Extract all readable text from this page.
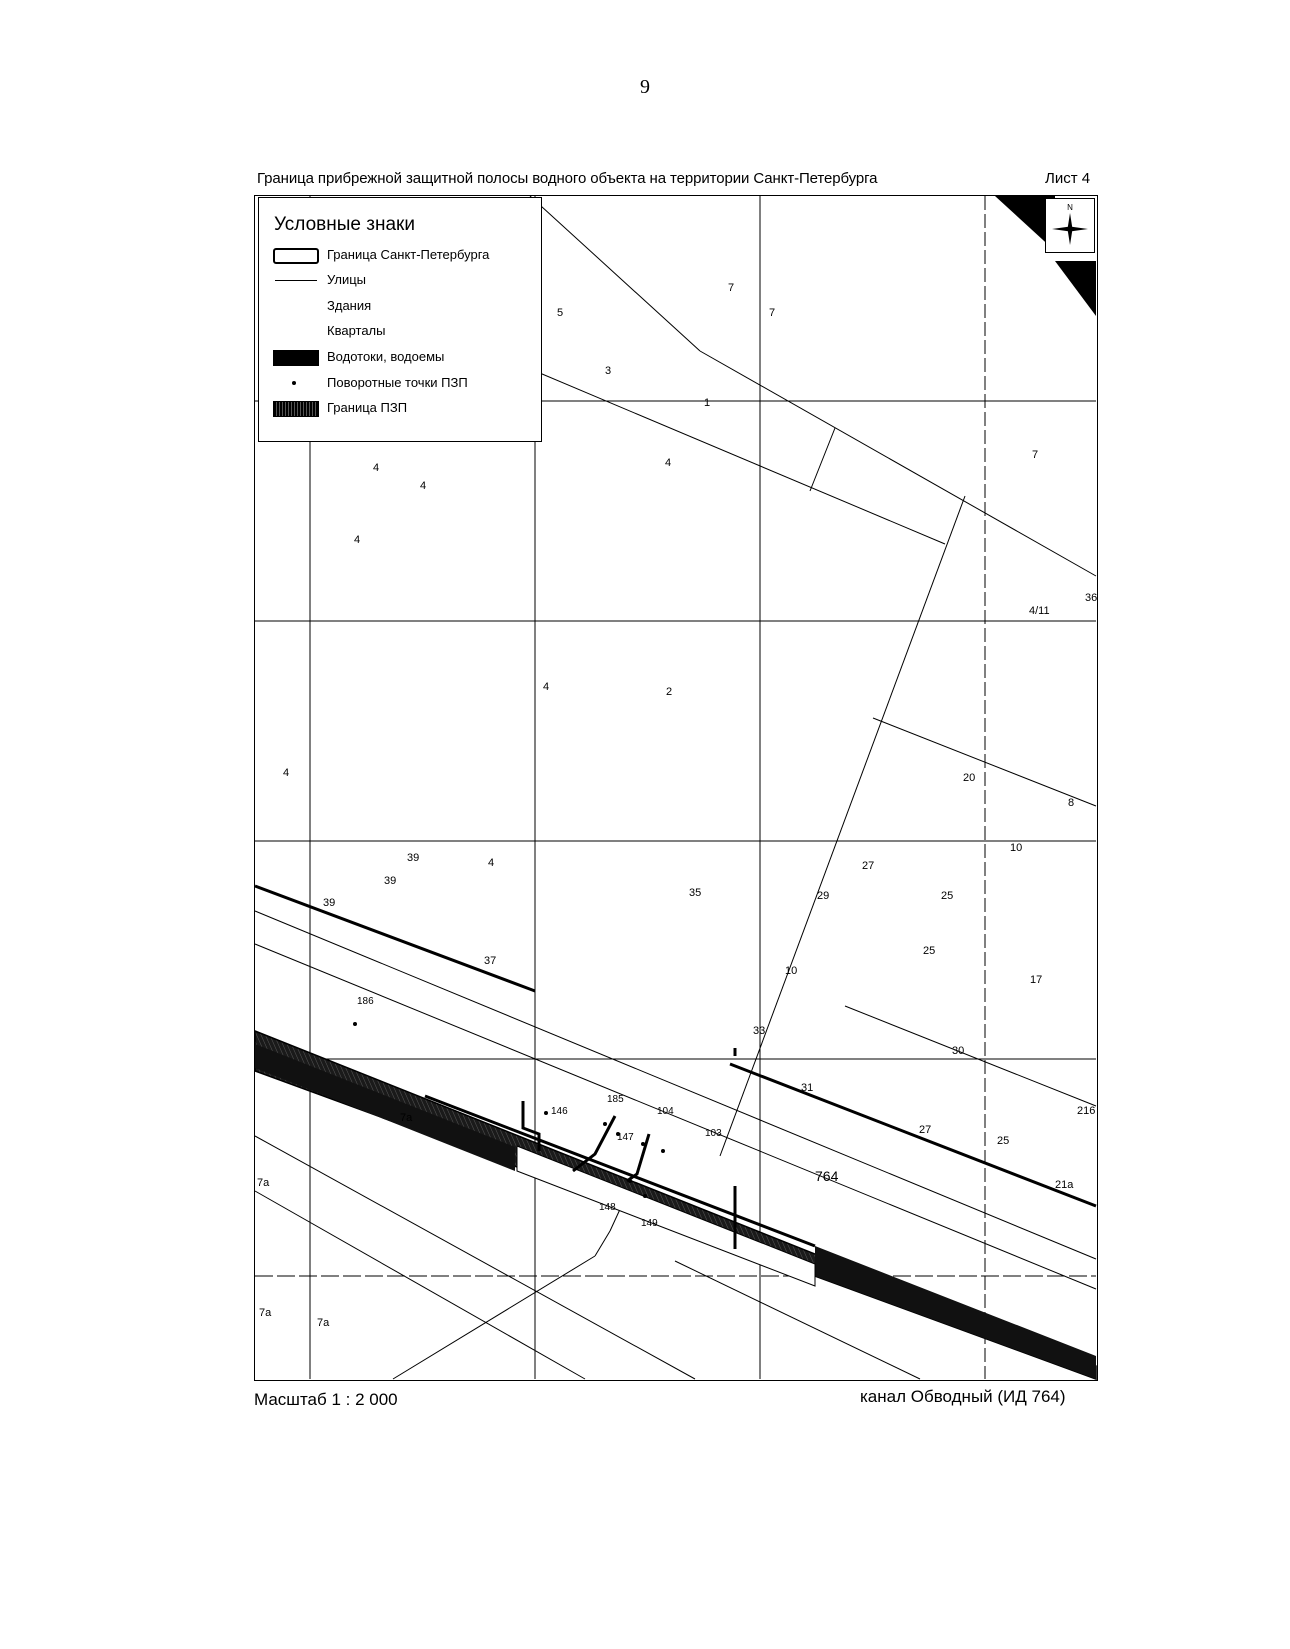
9
Граница прибрежной защитной полосы водного объекта на территории Санкт-Петербурга	Лист 4
5
7
7
3
1
4
4
4
4
7
4/11
36
4	2
4	20
8
39
39
4
10
27
39
35	29	25
25
37
10
17
33
30
31
216
27
25
7а
764
21а
7а
7а
7а
186
185
146
147
104
103
148
149
Условные знаки
Граница Санкт-Петербурга
Улицы
Здания
Кварталы
Водотоки, водоемы
Поворотные точки ПЗП
Граница ПЗП
N
Масштаб 1 : 2 000	канал Обводный (ИД 764)
